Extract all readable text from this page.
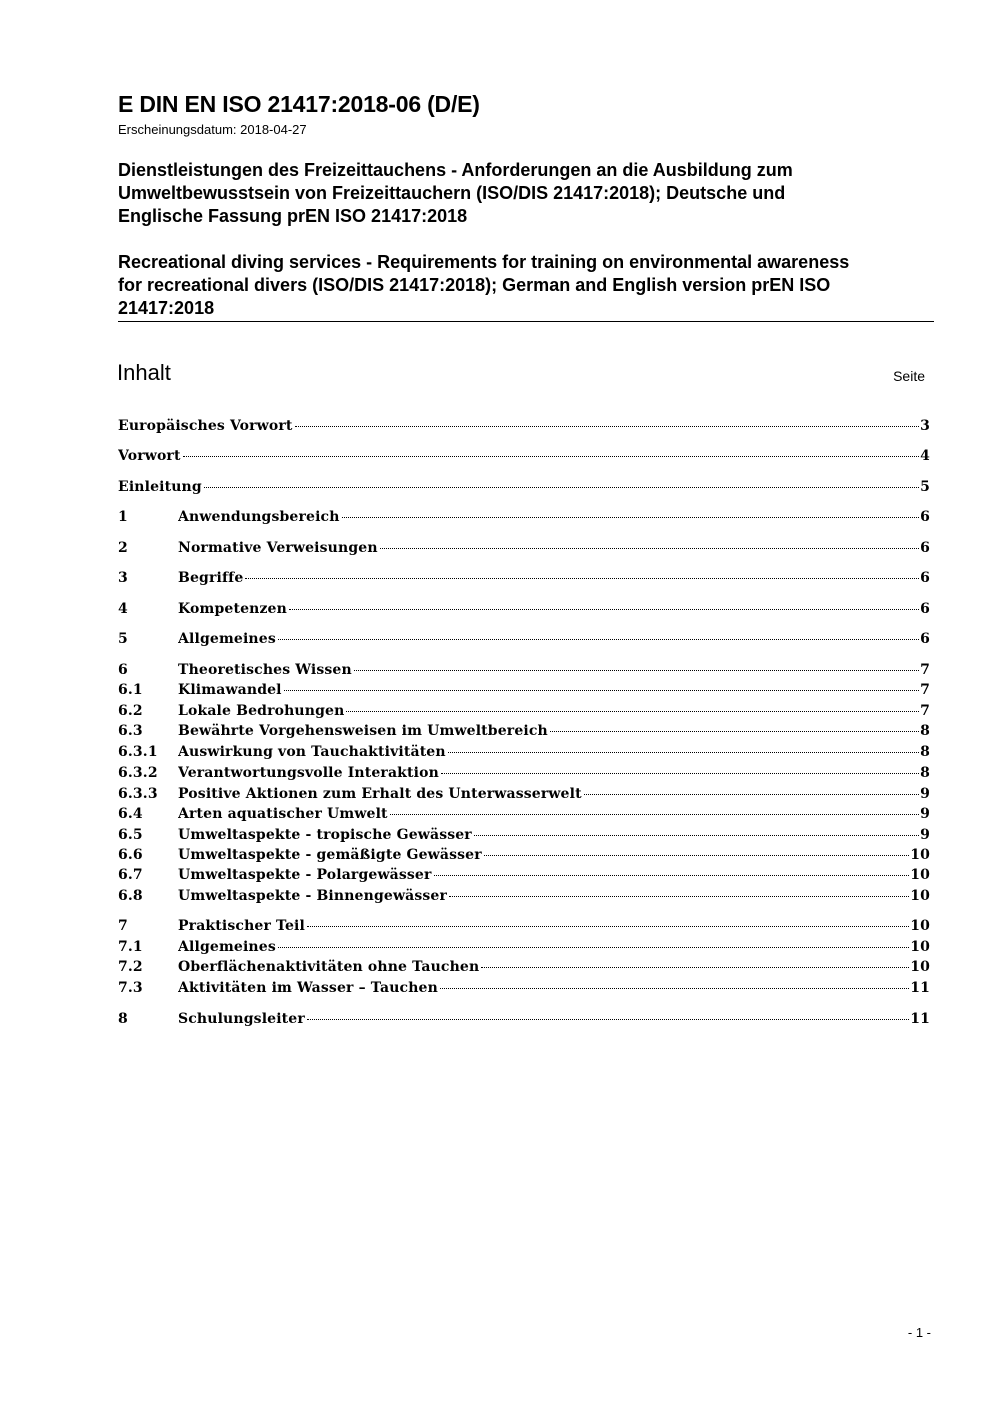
E DIN EN ISO 21417:2018-06 (D/E)
Erscheinungsdatum: 2018-04-27
Dienstleistungen des Freizeittauchens - Anforderungen an die Ausbildung zum
Umweltbewusstsein von Freizeittauchern (ISO/DIS 21417:2018); Deutsche und
Englische Fassung prEN ISO 21417:2018
Recreational diving services - Requirements for training on environmental awareness
for recreational divers (ISO/DIS 21417:2018); German and English version prEN ISO
21417:2018
Inhalt	Seite
Europäisches Vorwort	3
Vorwort	4
Einleitung	5
1	Anwendungsbereich	6
2	Normative Verweisungen	6
3	Begriffe	6
4	Kompetenzen	6
5	Allgemeines	6
6	Theoretisches Wissen	7
6.1	Klimawandel	7
6.2	Lokale Bedrohungen	7
6.3	Bewährte Vorgehensweisen im Umweltbereich	8
6.3.1	Auswirkung von Tauchaktivitäten	8
6.3.2	Verantwortungsvolle Interaktion	8
6.3.3	Positive Aktionen zum Erhalt des Unterwasserwelt	9
6.4	Arten aquatischer Umwelt	9
6.5	Umweltaspekte - tropische Gewässer	9
6.6	Umweltaspekte - gemäßigte Gewässer	10
6.7	Umweltaspekte - Polargewässer	10
6.8	Umweltaspekte - Binnengewässer	10
7	Praktischer Teil	10
7.1	Allgemeines	10
7.2	Oberflächenaktivitäten ohne Tauchen	10
7.3	Aktivitäten im Wasser – Tauchen	11
8	Schulungsleiter	11
- 1 -
